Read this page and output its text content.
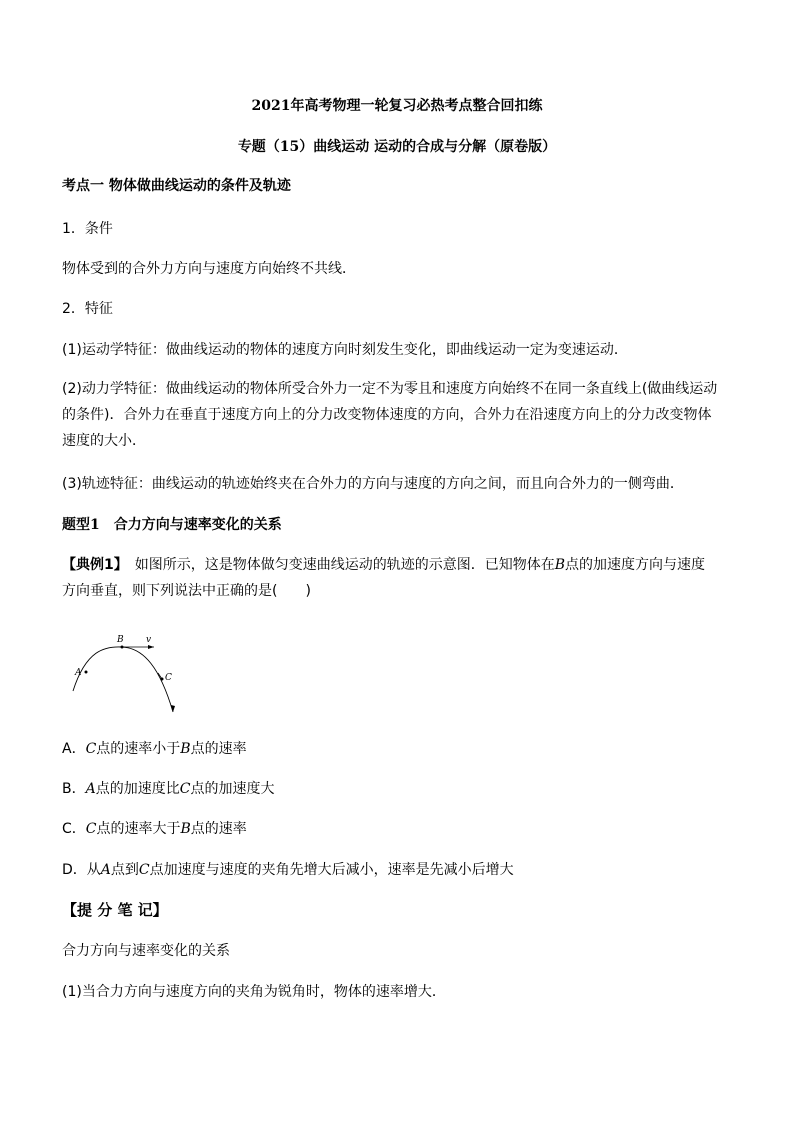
2021年高考物理一轮复习必热考点整合回扣练
专题（15）曲线运动 运动的合成与分解（原卷版）
考点一 物体做曲线运动的条件及轨迹
1．条件
物体受到的合外力方向与速度方向始终不共线．
2．特征
(1)运动学特征：做曲线运动的物体的速度方向时刻发生变化，即曲线运动一定为变速运动．
(2)动力学特征：做曲线运动的物体所受合外力一定不为零且和速度方向始终不在同一条直线上(做曲线运动
的条件)．合外力在垂直于速度方向上的分力改变物体速度的方向，合外力在沿速度方向上的分力改变物体
速度的大小．
(3)轨迹特征：曲线运动的轨迹始终夹在合外力的方向与速度的方向之间，而且向合外力的一侧弯曲．
题型1　合力方向与速率变化的关系
【典例1】　如图所示，这是物体做匀变速曲线运动的轨迹的示意图．已知物体在B点的加速度方向与速度
方向垂直，则下列说法中正确的是(　　)
A
B
C
v
A．C点的速率小于B点的速率
B．A点的加速度比C点的加速度大
C．C点的速率大于B点的速率
D．从A点到C点加速度与速度的夹角先增大后减小，速率是先减小后增大
【提 分 笔 记】
合力方向与速率变化的关系
(1)当合力方向与速度方向的夹角为锐角时，物体的速率增大．
